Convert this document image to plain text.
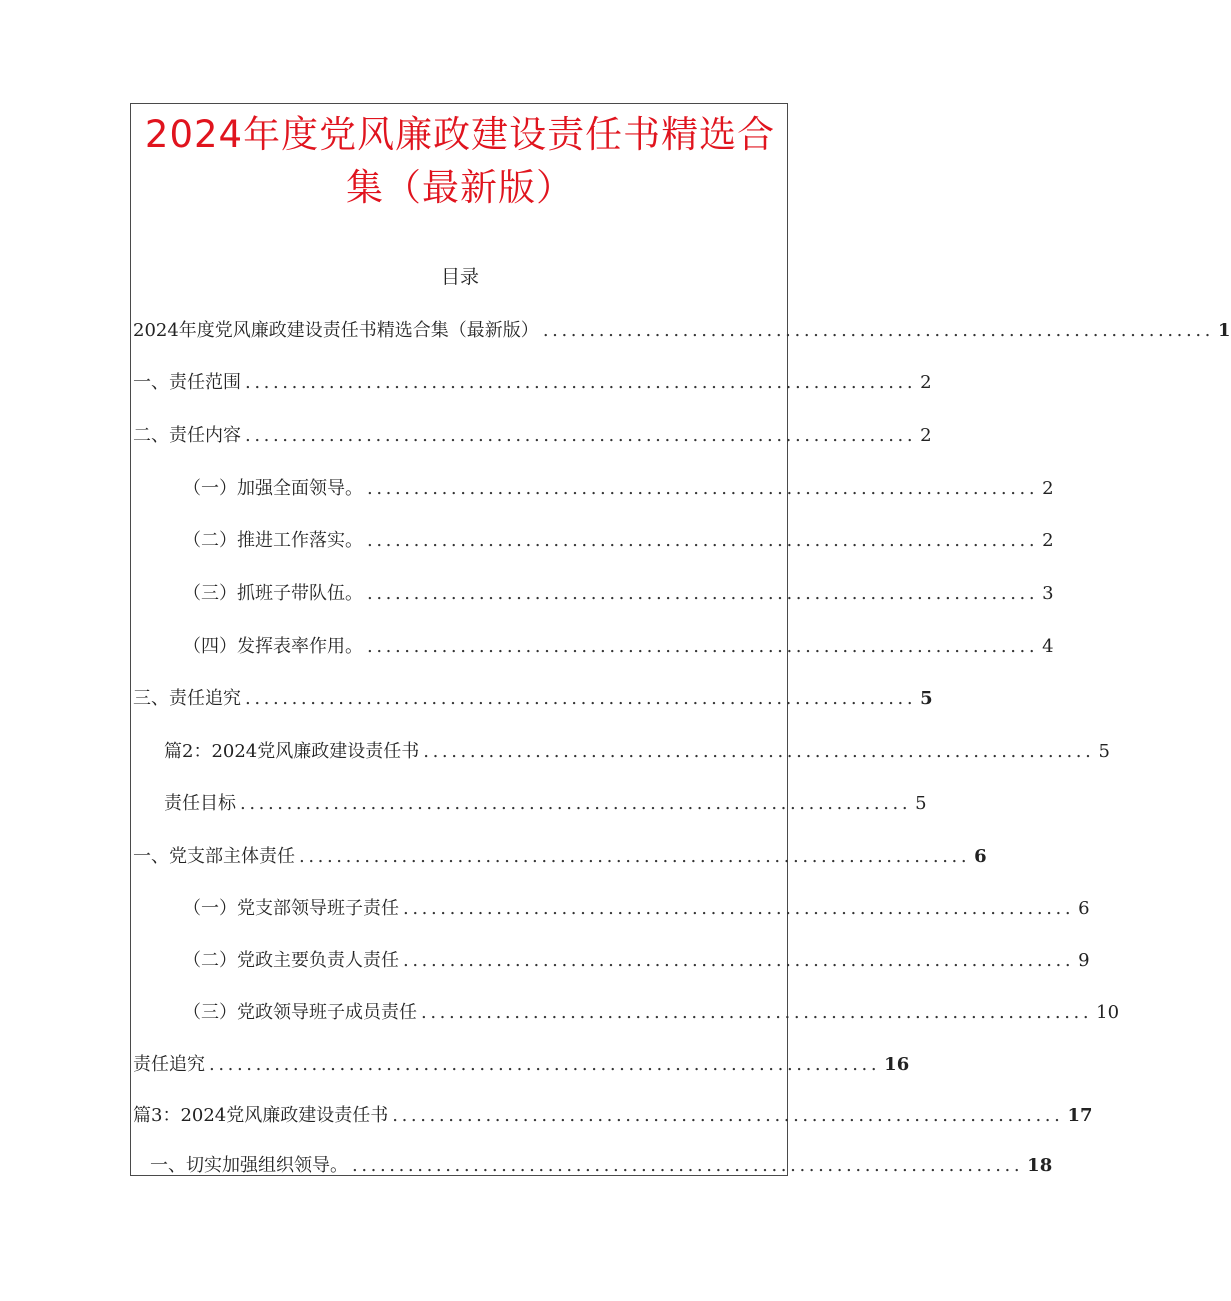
2024年度党风廉政建设责任书精选合
集（最新版）
目录
2024年度党风廉政建设责任书精选合集（最新版） ........................................................................ 1
一、责任范围 ........................................................................ 2
二、责任内容 ........................................................................ 2
（一）加强全面领导。 ........................................................................ 2
（二）推进工作落实。 ........................................................................ 2
（三）抓班子带队伍。 ........................................................................ 3
（四）发挥表率作用。 ........................................................................ 4
三、责任追究 ........................................................................ 5
篇2：2024党风廉政建设责任书 ........................................................................ 5
责任目标 ........................................................................ 5
一、党支部主体责任 ........................................................................ 6
（一）党支部领导班子责任 ........................................................................ 6
（二）党政主要负责人责任 ........................................................................ 9
（三）党政领导班子成员责任 ........................................................................ 10
责任追究 ........................................................................ 16
篇3：2024党风廉政建设责任书 ........................................................................ 17
一、切实加强组织领导。 ........................................................................ 18
